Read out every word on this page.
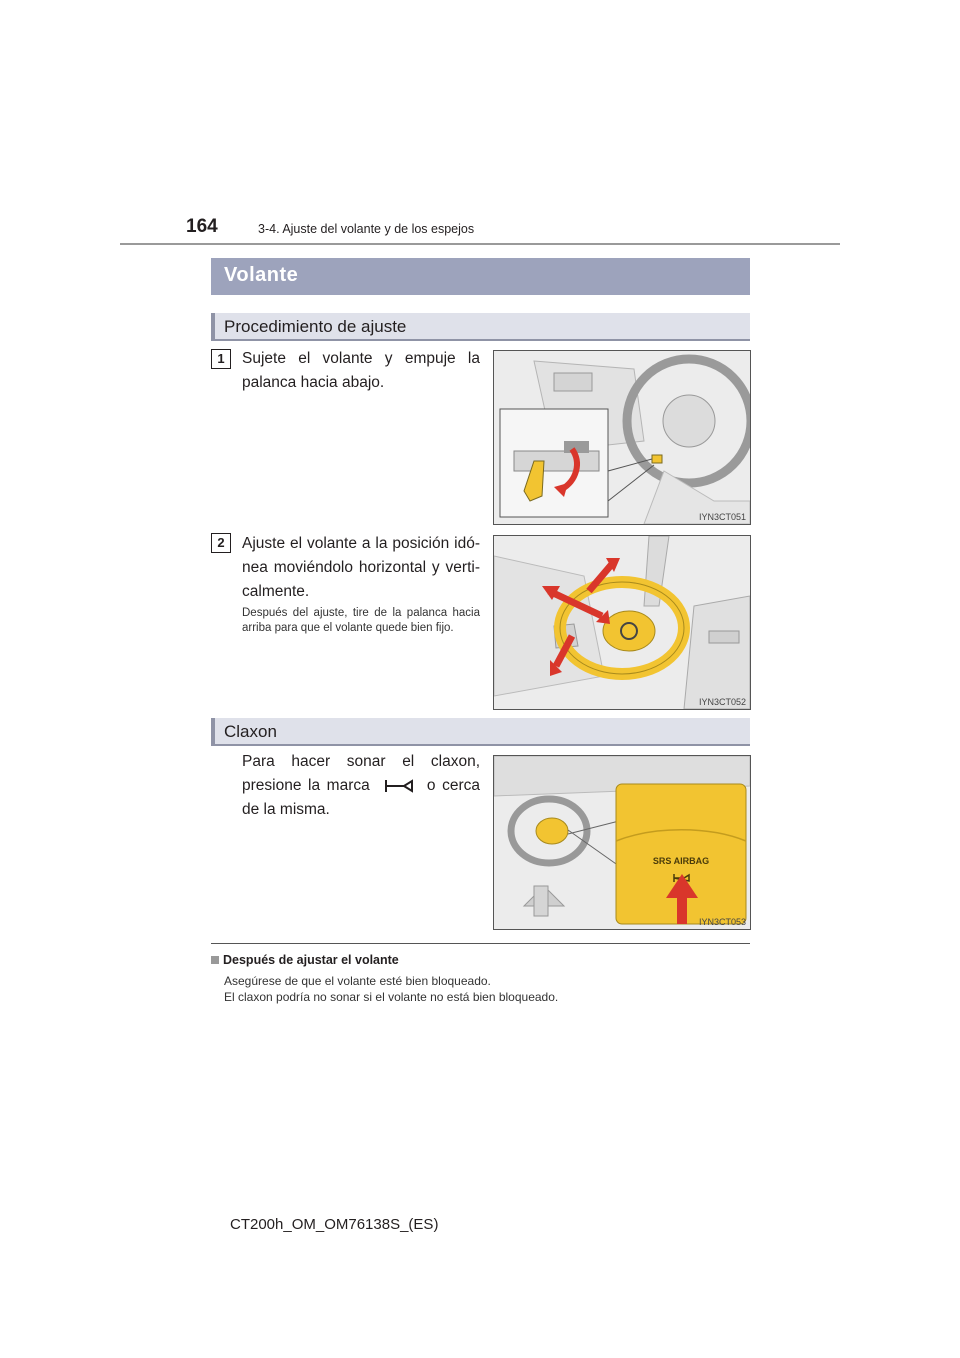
164	3-4. Ajuste del volante y de los espejos
Volante
Procedimiento de ajuste
1	Sujete el volante y empuje la palanca hacia abajo.
IYN3CT051
2	Ajuste el volante a la posición idó-nea moviéndolo horizontal y verti-calmente.
Después del ajuste, tire de la palanca hacia arriba para que el volante quede bien fijo.
IYN3CT052
Claxon
Para hacer sonar el claxon, presione la marca	o cerca de la misma.
SRS AIRBAG
IYN3CT053
Después de ajustar el volante
Asegúrese de que el volante esté bien bloqueado.
El claxon podría no sonar si el volante no está bien bloqueado.
CT200h_OM_OM76138S_(ES)
